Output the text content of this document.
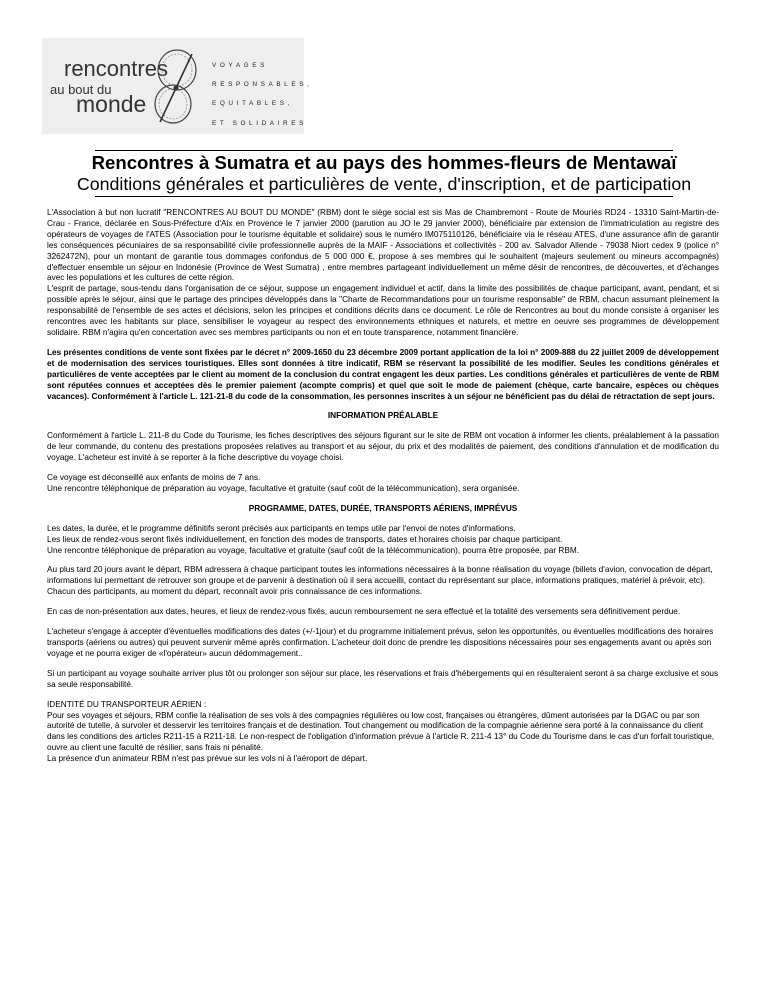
rencontres
au bout du
monde
VOYAGES
RESPONSABLES,
EQUITABLES,
ET SOLIDAIRES
Rencontres à Sumatra et au pays des hommes-fleurs de Mentawaï
Conditions générales et particulières de vente, d'inscription, et de participation

L'Association à but non lucratif "RENCONTRES AU BOUT DU MONDE" (RBM) dont le siège social est sis Mas de Chambremont - Route de Mouriès RD24 - 13310 Saint-Martin-de-Crau - France, déclarée en Sous-Préfecture d'Aix en Provence le 7 janvier 2000 (parution au JO le 29 janvier 2000), bénéficiaire par extension de l'immatriculation au registre des opérateurs de voyages de l'ATES (Association pour le tourisme équitable et solidaire) sous le numéro IM075110126, bénéficiaire via le réseau ATES, d'une assurance afin de garantir les conséquences pécuniaires de sa responsabilité civile professionnelle auprès de la MAIF - Associations et collectivités - 200 av. Salvador Allende - 79038 Niort cedex 9 (police n° 3262472N), pour un montant de garantie tous dommages confondus de 5 000 000 €, propose à ses membres qui le souhaitent (majeurs seulement ou mineurs accompagnés) d'effectuer ensemble un séjour en Indonésie (Province de West Sumatra) , entre membres partageant individuellement un même désir de rencontres, de découvertes, et d'échanges avec les populations et les cultures de cette région.

L'esprit de partage, sous-tendu dans l'organisation de ce séjour, suppose un engagement individuel et actif, dans la limite des possibilités de chaque participant, avant, pendant, et si possible après le séjour, ainsi que le partage des principes développés dans la "Charte de Recommandations pour un tourisme responsable" de RBM, chacun assumant pleinement la responsabilité de l'ensemble de ses actes et décisions, selon les principes et conditions décrits dans ce document. Le rôle de Rencontres au bout du monde consiste à organiser les rencontres avec les habitants sur place, sensibiliser le voyageur au respect des environnements ethniques et naturels, et mettre en oeuvre ses programmes de développement solidaire. RBM n'agira qu'en concertation avec ses membres participants ou non et en toute transparence, notamment financière.

Les présentes conditions de vente sont fixées par le décret n° 2009-1650 du 23 décembre 2009 portant application de la loi n° 2009-888 du 22 juillet 2009 de développement et de modernisation des services touristiques. Elles sont données à titre indicatif, RBM se réservant la possibilité de les modifier. Seules les conditions générales et particulières de vente acceptées par le client au moment de la conclusion du contrat engagent les deux parties. Les conditions générales et particulières de vente de RBM sont réputées connues et acceptées dès le premier paiement (acompte compris) et quel que soit le mode de paiement (chèque, carte bancaire, espèces ou chèques vacances). Conformément à l'article L. 121-21-8 du code de la consommation, les personnes inscrites à un séjour ne bénéficient pas du délai de rétractation de sept jours.

INFORMATION PRÉALABLE

Conformément à l'article L. 211-8 du Code du Tourisme, les fiches descriptives des séjours figurant sur le site de RBM ont vocation à informer les clients, préalablement à la passation de leur commande, du contenu des prestations proposées relatives au transport et au séjour, du prix et des modalités de paiement, des conditions d'annulation et de modification du voyage. L'acheteur est invité à se reporter à la fiche descriptive du voyage choisi.

Ce voyage est déconseillé aux enfants de moins de 7 ans.
Une rencontre téléphonique de préparation au voyage, facultative et gratuite (sauf coût de la télécommunication), sera organisée.

PROGRAMME, DATES, DURÉE, TRANSPORTS AÉRIENS, IMPRÉVUS

Les dates, la durée, et le programme définitifs seront précisés aux participants en temps utile par l'envoi de notes d'informations.
Les lieux de rendez-vous seront fixés individuellement, en fonction des modes de transports, dates et horaires choisis par chaque participant.
Une rencontre téléphonique de préparation au voyage, facultative et gratuite (sauf coût de la télécommunication), pourra être proposée, par RBM.

Au plus tard 20 jours avant le départ, RBM adressera à chaque participant toutes les informations nécessaires à la bonne réalisation du voyage (billets d'avion, convocation de départ, informations lui permettant de retrouver son groupe et de parvenir à destination où il sera accueilli, contact du représentant sur place, informations pratiques, matériel à prévoir, etc). Chacun des participants, au moment du départ, reconnaît avoir pris connaissance de ces informations.

En cas de non-présentation aux dates, heures, et lieux de rendez-vous fixés, aucun remboursement ne sera effectué et la totalité des versements sera définitivement perdue.

L'acheteur s'engage à accepter d'éventuelles modifications des dates (+/-1jour) et du programme initialement prévus, selon les opportunités, ou éventuelles modifications des horaires transports (aériens ou autres) qui peuvent survenir même après confirmation. L'acheteur doit donc de prendre les dispositions nécessaires pour ses engagements avant ou après son voyage et ne pourra exiger de «l'opérateur» aucun dédommagement..

Si un participant au voyage souhaite arriver plus tôt ou prolonger son séjour sur place, les réservations et frais d'hébergements qui en résulteraient seront à sa charge exclusive et sous sa seule responsabilité.

IDENTITÉ DU TRANSPORTEUR AÉRIEN :
Pour ses voyages et séjours, RBM confie la réalisation de ses vols à des compagnies régulières ou low cost, françaises ou étrangères, dûment autorisées par la DGAC ou par son autorité de tutelle, à survoler et desservir les territoires français et de destination. Tout changement ou modification de la compagnie aérienne sera porté à la connaissance du client dans les conditions des articles R211-15 à R211-18. Le non-respect de l'obligation d'information prévue à l'article R. 211-4 13° du Code du Tourisme dans le cas d'un forfait touristique, ouvre au client une faculté de résilier, sans frais ni pénalité.
La présence d'un animateur RBM n'est pas prévue sur les vols ni à l'aéroport de départ.
